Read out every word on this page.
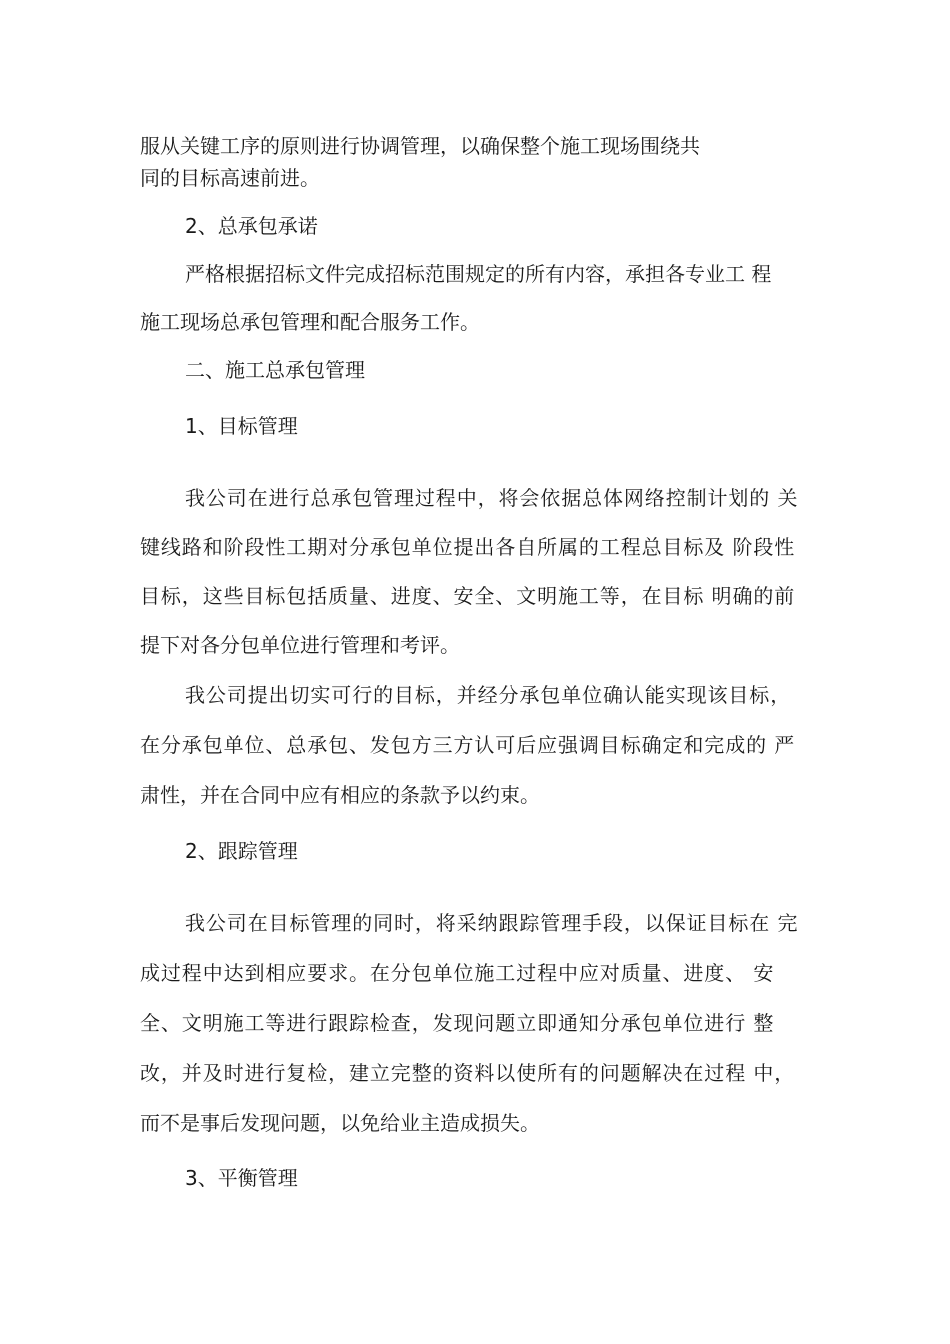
服从关键工序的原则进行协调管理，以确保整个施工现场围绕共
同的目标高速前进。
2、总承包承诺
严格根据招标文件完成招标范围规定的所有内容，承担各专业工 程
施工现场总承包管理和配合服务工作。
二、施工总承包管理
1、目标管理
我公司在进行总承包管理过程中，将会依据总体网络控制计划的 关
键线路和阶段性工期对分承包单位提出各自所属的工程总目标及 阶段性
目标，这些目标包括质量、进度、安全、文明施工等，在目标 明确的前
提下对各分包单位进行管理和考评。
我公司提出切实可行的目标，并经分承包单位确认能实现该目标，
在分承包单位、总承包、发包方三方认可后应强调目标确定和完成的 严
肃性，并在合同中应有相应的条款予以约束。
2、跟踪管理
我公司在目标管理的同时，将采纳跟踪管理手段，以保证目标在 完
成过程中达到相应要求。在分包单位施工过程中应对质量、进度、 安
全、文明施工等进行跟踪检查，发现问题立即通知分承包单位进行 整
改，并及时进行复检，建立完整的资料以使所有的问题解决在过程 中，
而不是事后发现问题，以免给业主造成损失。
3、平衡管理
